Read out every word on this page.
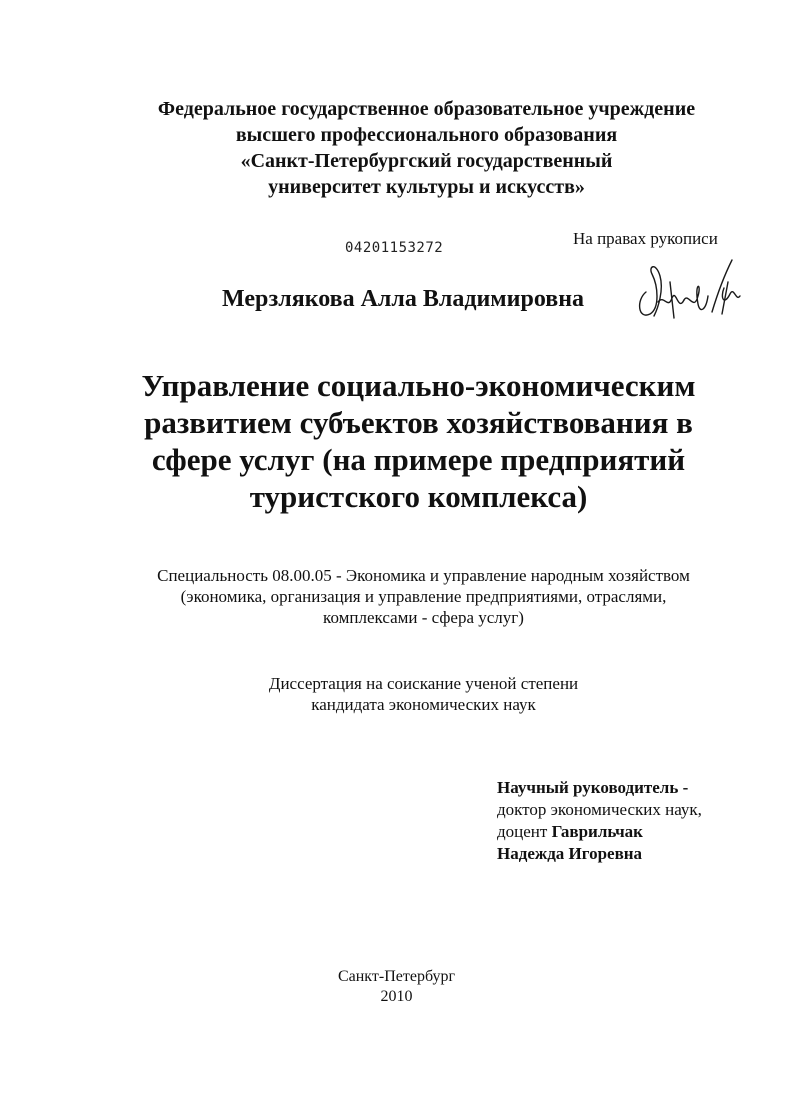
Федеральное государственное образовательное учреждение
высшего профессионального образования
«Санкт-Петербургский государственный
университет культуры и искусств»
04201153272	На правах рукописи
Мерзлякова Алла Владимировна
Управление социально-экономическим
развитием субъектов хозяйствования в
сфере услуг (на примере предприятий
туристского комплекса)
Специальность 08.00.05 - Экономика и управление народным хозяйством
(экономика, организация и управление предприятиями, отраслями,
комплексами - сфера услуг)
Диссертация на соискание ученой степени
кандидата экономических наук
Научный руководитель -
доктор экономических наук,
доцент Гаврильчак
Надежда Игоревна
Санкт-Петербург
2010
